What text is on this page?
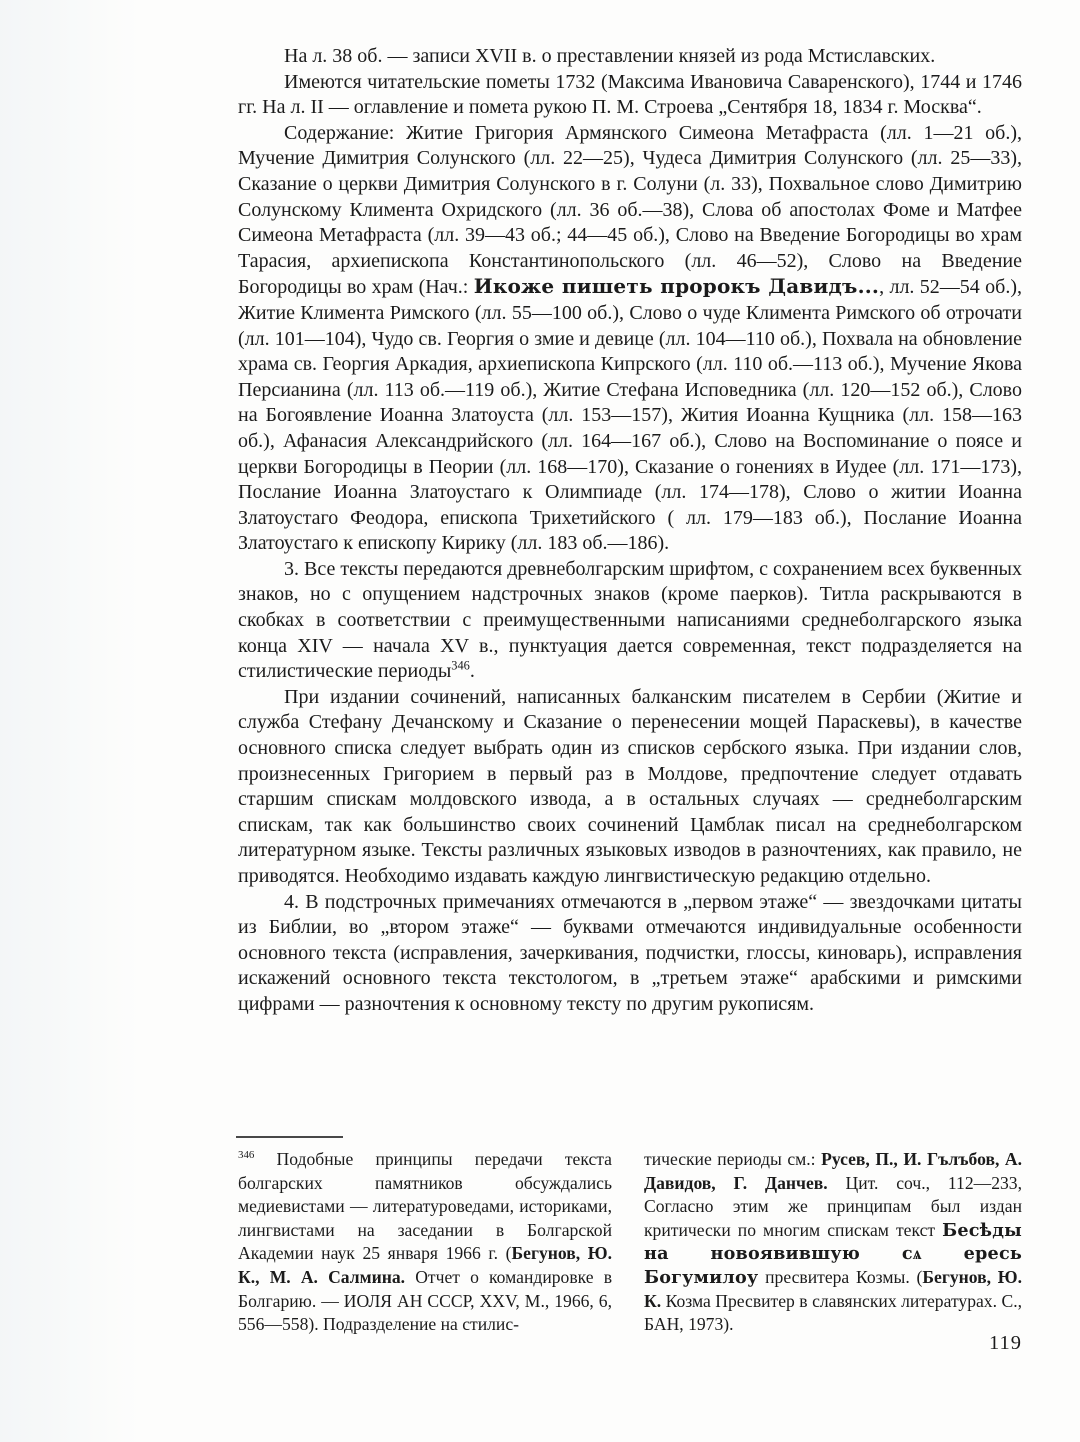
На л. 38 об. — записи XVII в. о преставлении князей из рода Мстиславских.

Имеются читательские пометы 1732 (Максима Ивановича Саваренского), 1744 и 1746 гг. На л. II — оглавление и помета рукою П. М. Строева „Сентября 18, 1834 г. Москва“.

Содержание: Житие Григория Армянского Симеона Метафраста (лл. 1—21 об.), Мучение Димитрия Солунского (лл. 22—25), Чудеса Димитрия Солунского (лл. 25—33), Сказание о церкви Димитрия Солунского в г. Солуни (л. 33), Похвальное слово Димитрию Солунскому Климента Охридского (лл. 36 об.—38), Слова об апостолах Фоме и Матфее Симеона Метафраста (лл. 39—43 об.; 44—45 об.), Слово на Введение Богородицы во храм Тарасия, архиепископа Константинопольского (лл. 46—52), Слово на Введение Богородицы во храм (Нач.: Икоже пишеть пророкъ Давидъ..., лл. 52—54 об.), Житие Климента Римского (лл. 55—100 об.), Слово о чуде Климента Римского об отрочати (лл. 101—104), Чудо св. Георгия о змие и девице (лл. 104—110 об.), Похвала на обновление храма св. Георгия Аркадия, архиепископа Кипрского (лл. 110 об.—113 об.), Мучение Якова Персианина (лл. 113 об.—119 об.), Житие Стефана Исповедника (лл. 120—152 об.), Слово на Богоявление Иоанна Златоуста (лл. 153—157), Жития Иоанна Кущника (лл. 158—163 об.), Афанасия Александрийского (лл. 164—167 об.), Слово на Воспоминание о поясе и церкви Богородицы в Пеории (лл. 168—170), Сказание о гонениях в Иудее (лл. 171—173), Послание Иоанна Златоустаго к Олимпиаде (лл. 174—178), Слово о житии Иоанна Златоустаго Феодора, епископа Трихетийского ( лл. 179—183 об.), Послание Иоанна Златоустаго к епископу Кирику (лл. 183 об.—186).

3. Все тексты передаются древнеболгарским шрифтом, с сохранением всех буквенных знаков, но с опущением надстрочных знаков (кроме паерков). Титла раскрываются в скобках в соответствии с преимущественными написаниями среднеболгарского языка конца XIV — начала XV в., пунктуация дается современная, текст подразделяется на стилистические периоды$^{346}$.

При издании сочинений, написанных балканским писателем в Сербии (Житие и служба Стефану Дечанскому и Сказание о перенесении мощей Параскевы), в качестве основного списка следует выбрать один из списков сербского языка. При издании слов, произнесенных Григорием в первый раз в Молдове, предпочтение следует отдавать старшим спискам молдовского извода, а в остальных случаях — среднеболгарским спискам, так как большинство своих сочинений Цамблак писал на среднеболгарском литературном языке. Тексты различных языковых изводов в разночтениях, как правило, не приводятся. Необходимо издавать каждую лингвистическую редакцию отдельно.

4. В подстрочных примечаниях отмечаются в „первом этаже“ — звездочками цитаты из Библии, во „втором этаже“ — буквами отмечаются индивидуальные особенности основного текста (исправления, зачеркивания, подчистки, глоссы, киноварь), исправления искажений основного текста текстологом, в „третьем этаже“ арабскими и римскими цифрами — разночтения к основному тексту по другим рукописям.

$^{346}$ Подобные принципы передачи текста болгарских памятников обсуждались медиевистами — литературоведами, историками, лингвистами на заседании в Болгарской Академии наук 25 января 1966 г. (Бегунов, Ю. К., М. А. Салмина. Отчет о командировке в Болгарию. — ИОЛЯ АН СССР, XXV, М., 1966, 6, 556—558). Подразделение на стилис-
тические периоды см.: Русев, П., И. Гълъбов, А. Давидов, Г. Данчев. Цит. соч., 112—233, Согласно этим же принципам был издан критически по многим спискам текст Бесѣды на новоявившую сѧ ересь Богумилоу пресвитера Козмы. (Бегунов, Ю. К. Козма Пресвитер в славянских литературах. С., БАН, 1973).
119
